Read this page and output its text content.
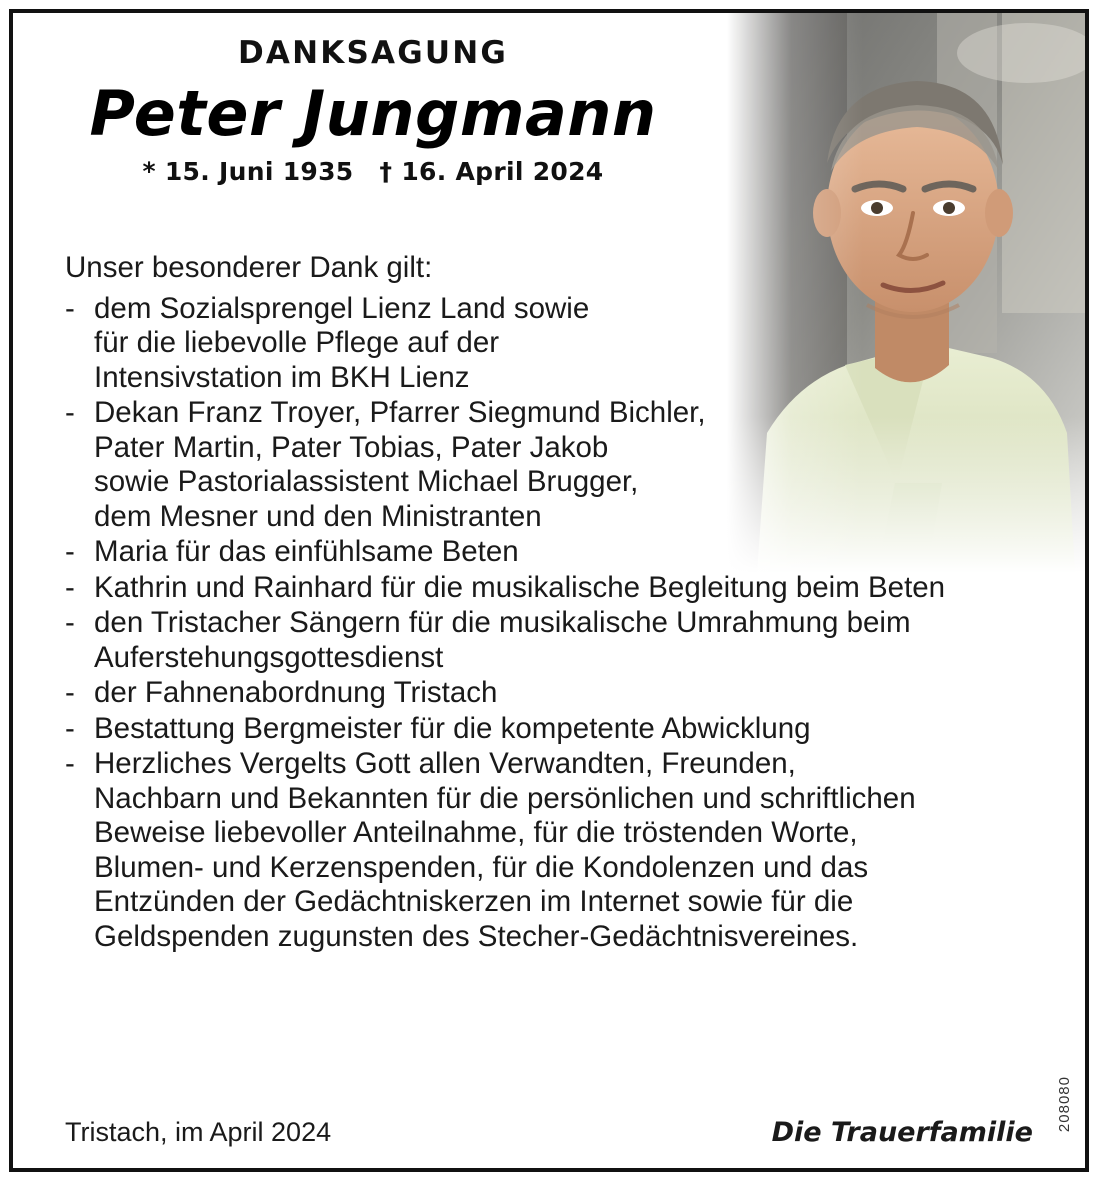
DANKSAGUNG
Peter Jungmann
* 15. Juni 1935 † 16. April 2024

Unser besonderer Dank gilt:

- dem Sozialsprengel Lienz Land sowie
für die liebevolle Pflege auf der
Intensivstation im BKH Lienz
- Dekan Franz Troyer, Pfarrer Siegmund Bichler,
Pater Martin, Pater Tobias, Pater Jakob
sowie Pastorialassistent Michael Brugger,
dem Mesner und den Ministranten
- Maria für das einfühlsame Beten
- Kathrin und Rainhard für die musikalische Begleitung beim Beten
- den Tristacher Sängern für die musikalische Umrahmung beim
Auferstehungsgottesdienst
- der Fahnenabordnung Tristach
- Bestattung Bergmeister für die kompetente Abwicklung
- Herzliches Vergelts Gott allen Verwandten, Freunden,
Nachbarn und Bekannten für die persönlichen und schriftlichen
Beweise liebevoller Anteilnahme, für die tröstenden Worte,
Blumen- und Kerzenspenden, für die Kondolenzen und das
Entzünden der Gedächtniskerzen im Internet sowie für die
Geldspenden zugunsten des Stecher-Gedächtnisvereines.
208080
Tristach, im April 2024	Die Trauerfamilie
